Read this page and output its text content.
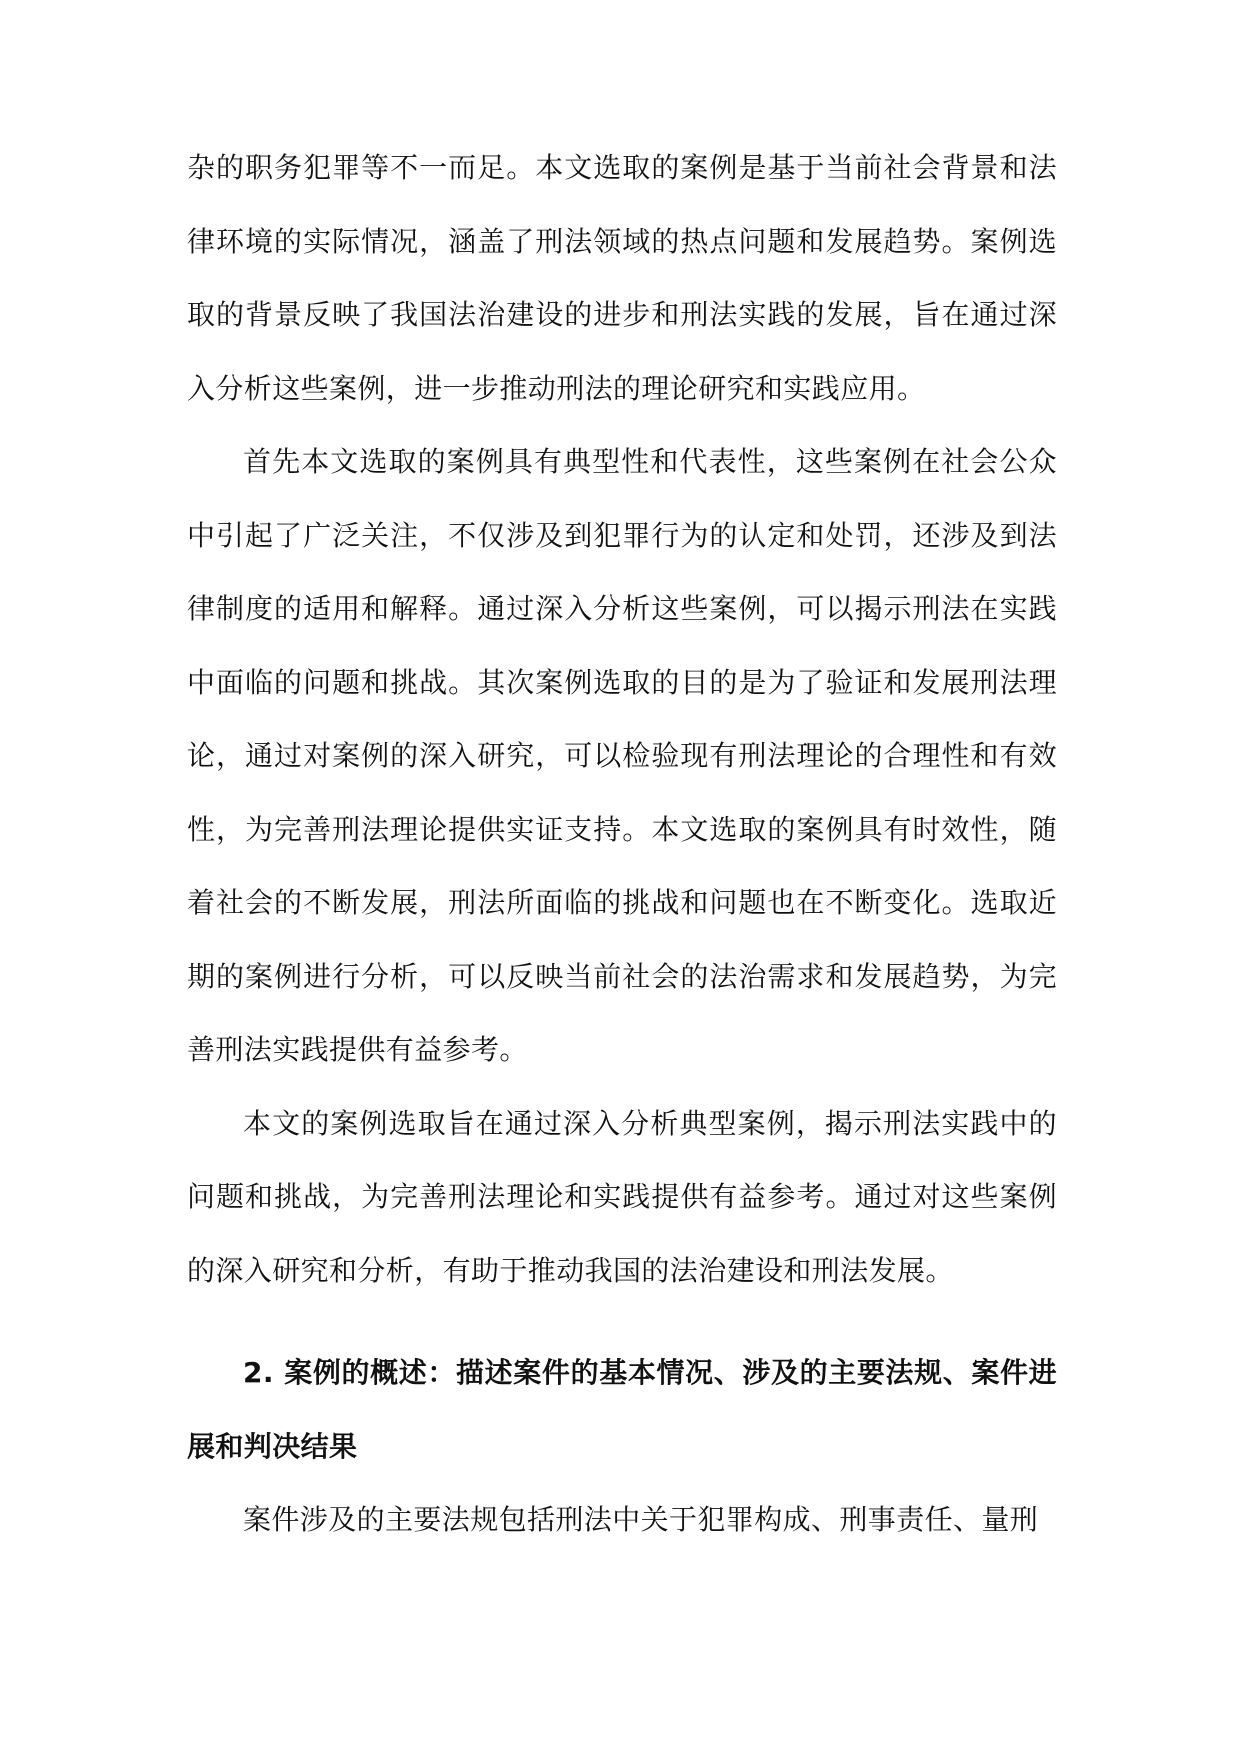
杂的职务犯罪等不一而足。本文选取的案例是基于当前社会背景和法律环境的实际情况，涵盖了刑法领域的热点问题和发展趋势。案例选取的背景反映了我国法治建设的进步和刑法实践的发展，旨在通过深入分析这些案例，进一步推动刑法的理论研究和实践应用。

首先本文选取的案例具有典型性和代表性，这些案例在社会公众中引起了广泛关注，不仅涉及到犯罪行为的认定和处罚，还涉及到法律制度的适用和解释。通过深入分析这些案例，可以揭示刑法在实践中面临的问题和挑战。其次案例选取的目的是为了验证和发展刑法理论，通过对案例的深入研究，可以检验现有刑法理论的合理性和有效性，为完善刑法理论提供实证支持。本文选取的案例具有时效性，随着社会的不断发展，刑法所面临的挑战和问题也在不断变化。选取近期的案例进行分析，可以反映当前社会的法治需求和发展趋势，为完善刑法实践提供有益参考。

本文的案例选取旨在通过深入分析典型案例，揭示刑法实践中的问题和挑战，为完善刑法理论和实践提供有益参考。通过对这些案例的深入研究和分析，有助于推动我国的法治建设和刑法发展。

2. 案例的概述：描述案件的基本情况、涉及的主要法规、案件进展和判决结果

案件涉及的主要法规包括刑法中关于犯罪构成、刑事责任、量刑
